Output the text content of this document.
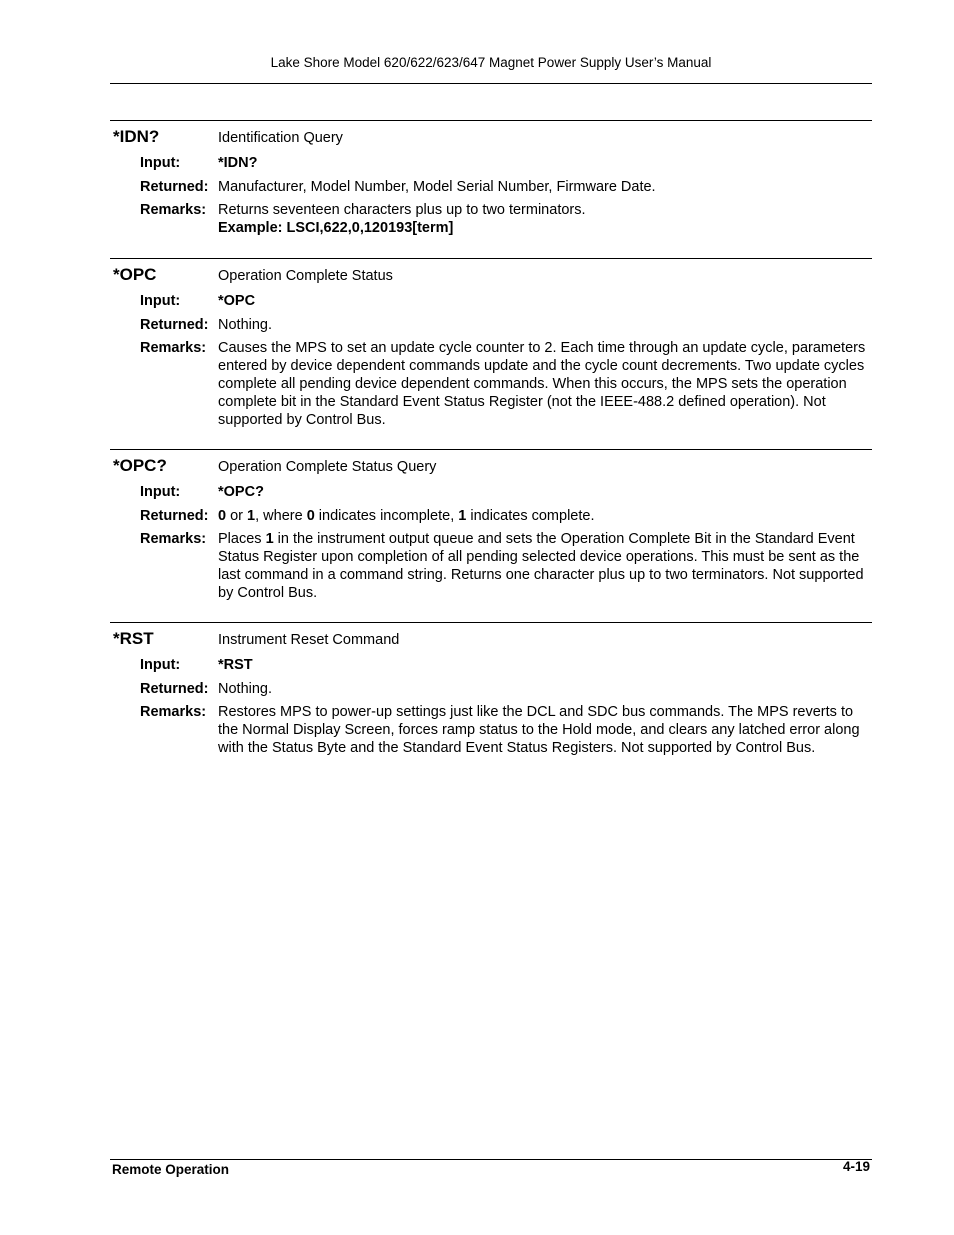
Lake Shore Model 620/622/623/647 Magnet Power Supply User’s Manual
*IDN?	Identification Query
Input:	*IDN?
Returned: Manufacturer, Model Number, Model Serial Number, Firmware Date.
Remarks: Returns seventeen characters plus up to two terminators.
Example: LSCI,622,0,120193[term]
*OPC	Operation Complete Status
Input:	*OPC
Returned: Nothing.
Remarks: Causes the MPS to set an update cycle counter to 2. Each time through an update cycle, parameters entered by device dependent commands update and the cycle count decrements. Two update cycles complete all pending device dependent commands. When this occurs, the MPS sets the operation complete bit in the Standard Event Status Register (not the IEEE-488.2 defined operation). Not supported by Control Bus.
*OPC?	Operation Complete Status Query
Input:	*OPC?
Returned: 0 or 1, where 0 indicates incomplete, 1 indicates complete.
Remarks: Places 1 in the instrument output queue and sets the Operation Complete Bit in the Standard Event Status Register upon completion of all pending selected device operations. This must be sent as the last command in a command string. Returns one character plus up to two terminators. Not supported by Control Bus.
*RST	Instrument Reset Command
Input:	*RST
Returned: Nothing.
Remarks: Restores MPS to power-up settings just like the DCL and SDC bus commands. The MPS reverts to the Normal Display Screen, forces ramp status to the Hold mode, and clears any latched error along with the Status Byte and the Standard Event Status Registers. Not supported by Control Bus.
Remote Operation	4-19
